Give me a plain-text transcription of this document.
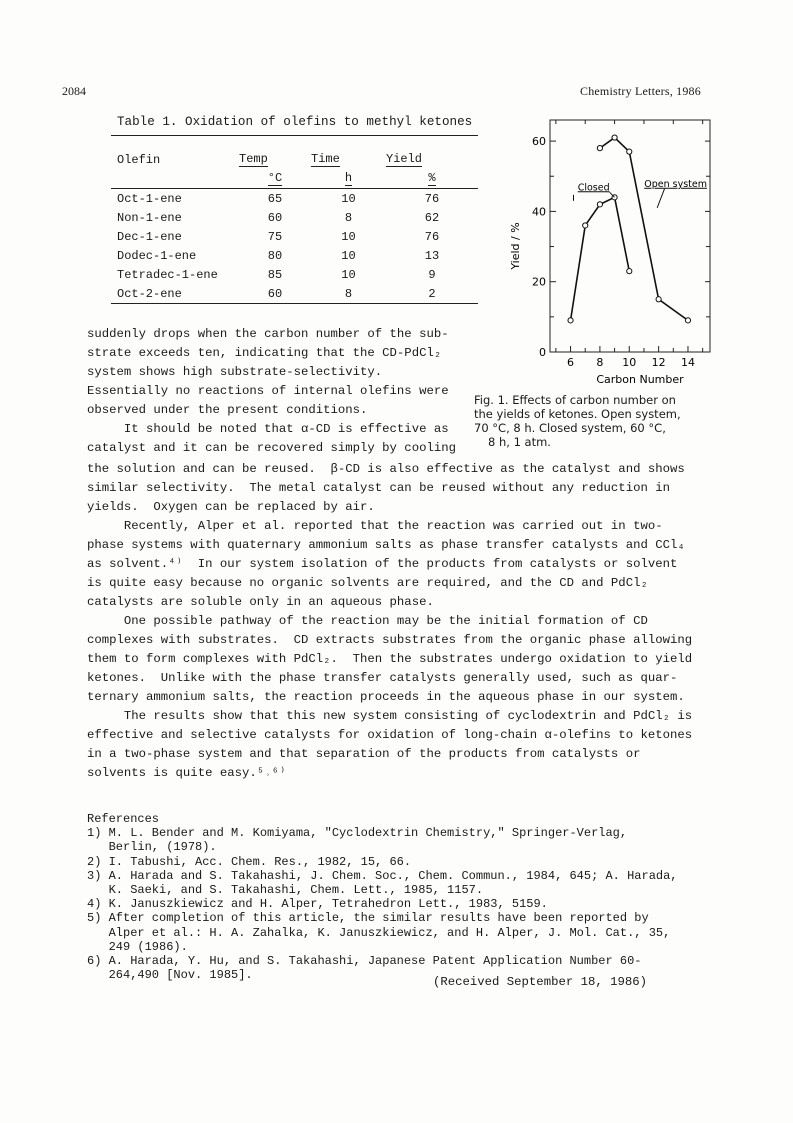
2084	Chemistry Letters, 1986
Table 1. Oxidation of olefins to methyl ketones
Olefin	Temp	Time	Yield
	°C	h	%
Oct-1-ene	65	10	76
Non-1-ene	60	8	62
Dec-1-ene	75	10	76
Dodec-1-ene	80	10	13
Tetradec-1-ene	85	10	9
Oct-2-ene	60	8	2
0
20
40
60
6 8 10 12 14
Carbon Number
Yield / %
Closed	Open system
Fig. 1. Effects of carbon number on
the yields of ketones. Open system,
70 °C, 8 h. Closed system, 60 °C,
8 h, 1 atm.
suddenly drops when the carbon number of the sub-
strate exceeds ten, indicating that the CD-PdCl₂
system shows high substrate-selectivity.
Essentially no reactions of internal olefins were
observed under the present conditions.
It should be noted that α-CD is effective as
catalyst and it can be recovered simply by cooling
the solution and can be reused.  β-CD is also effective as the catalyst and shows
similar selectivity.  The metal catalyst can be reused without any reduction in
yields.  Oxygen can be replaced by air.
Recently, Alper et al. reported that the reaction was carried out in two-
phase systems with quaternary ammonium salts as phase transfer catalysts and CCl₄
as solvent.⁴⁾  In our system isolation of the products from catalysts or solvent
is quite easy because no organic solvents are required, and the CD and PdCl₂
catalysts are soluble only in an aqueous phase.
One possible pathway of the reaction may be the initial formation of CD
complexes with substrates.  CD extracts substrates from the organic phase allowing
them to form complexes with PdCl₂.  Then the substrates undergo oxidation to yield
ketones.  Unlike with the phase transfer catalysts generally used, such as quar-
ternary ammonium salts, the reaction proceeds in the aqueous phase in our system.
The results show that this new system consisting of cyclodextrin and PdCl₂ is
effective and selective catalysts for oxidation of long-chain α-olefins to ketones
in a two-phase system and that separation of the products from catalysts or
solvents is quite easy.⁵˒⁶⁾
References
1) M. L. Bender and M. Komiyama, "Cyclodextrin Chemistry," Springer-Verlag,
Berlin, (1978).
2) I. Tabushi, Acc. Chem. Res., 1982, 15, 66.
3) A. Harada and S. Takahashi, J. Chem. Soc., Chem. Commun., 1984, 645; A. Harada,
K. Saeki, and S. Takahashi, Chem. Lett., 1985, 1157.
4) K. Januszkiewicz and H. Alper, Tetrahedron Lett., 1983, 5159.
5) After completion of this article, the similar results have been reported by
Alper et al.: H. A. Zahalka, K. Januszkiewicz, and H. Alper, J. Mol. Cat., 35,
249 (1986).
6) A. Harada, Y. Hu, and S. Takahashi, Japanese Patent Application Number 60-
264,490 [Nov. 1985].	(Received September 18, 1986)
